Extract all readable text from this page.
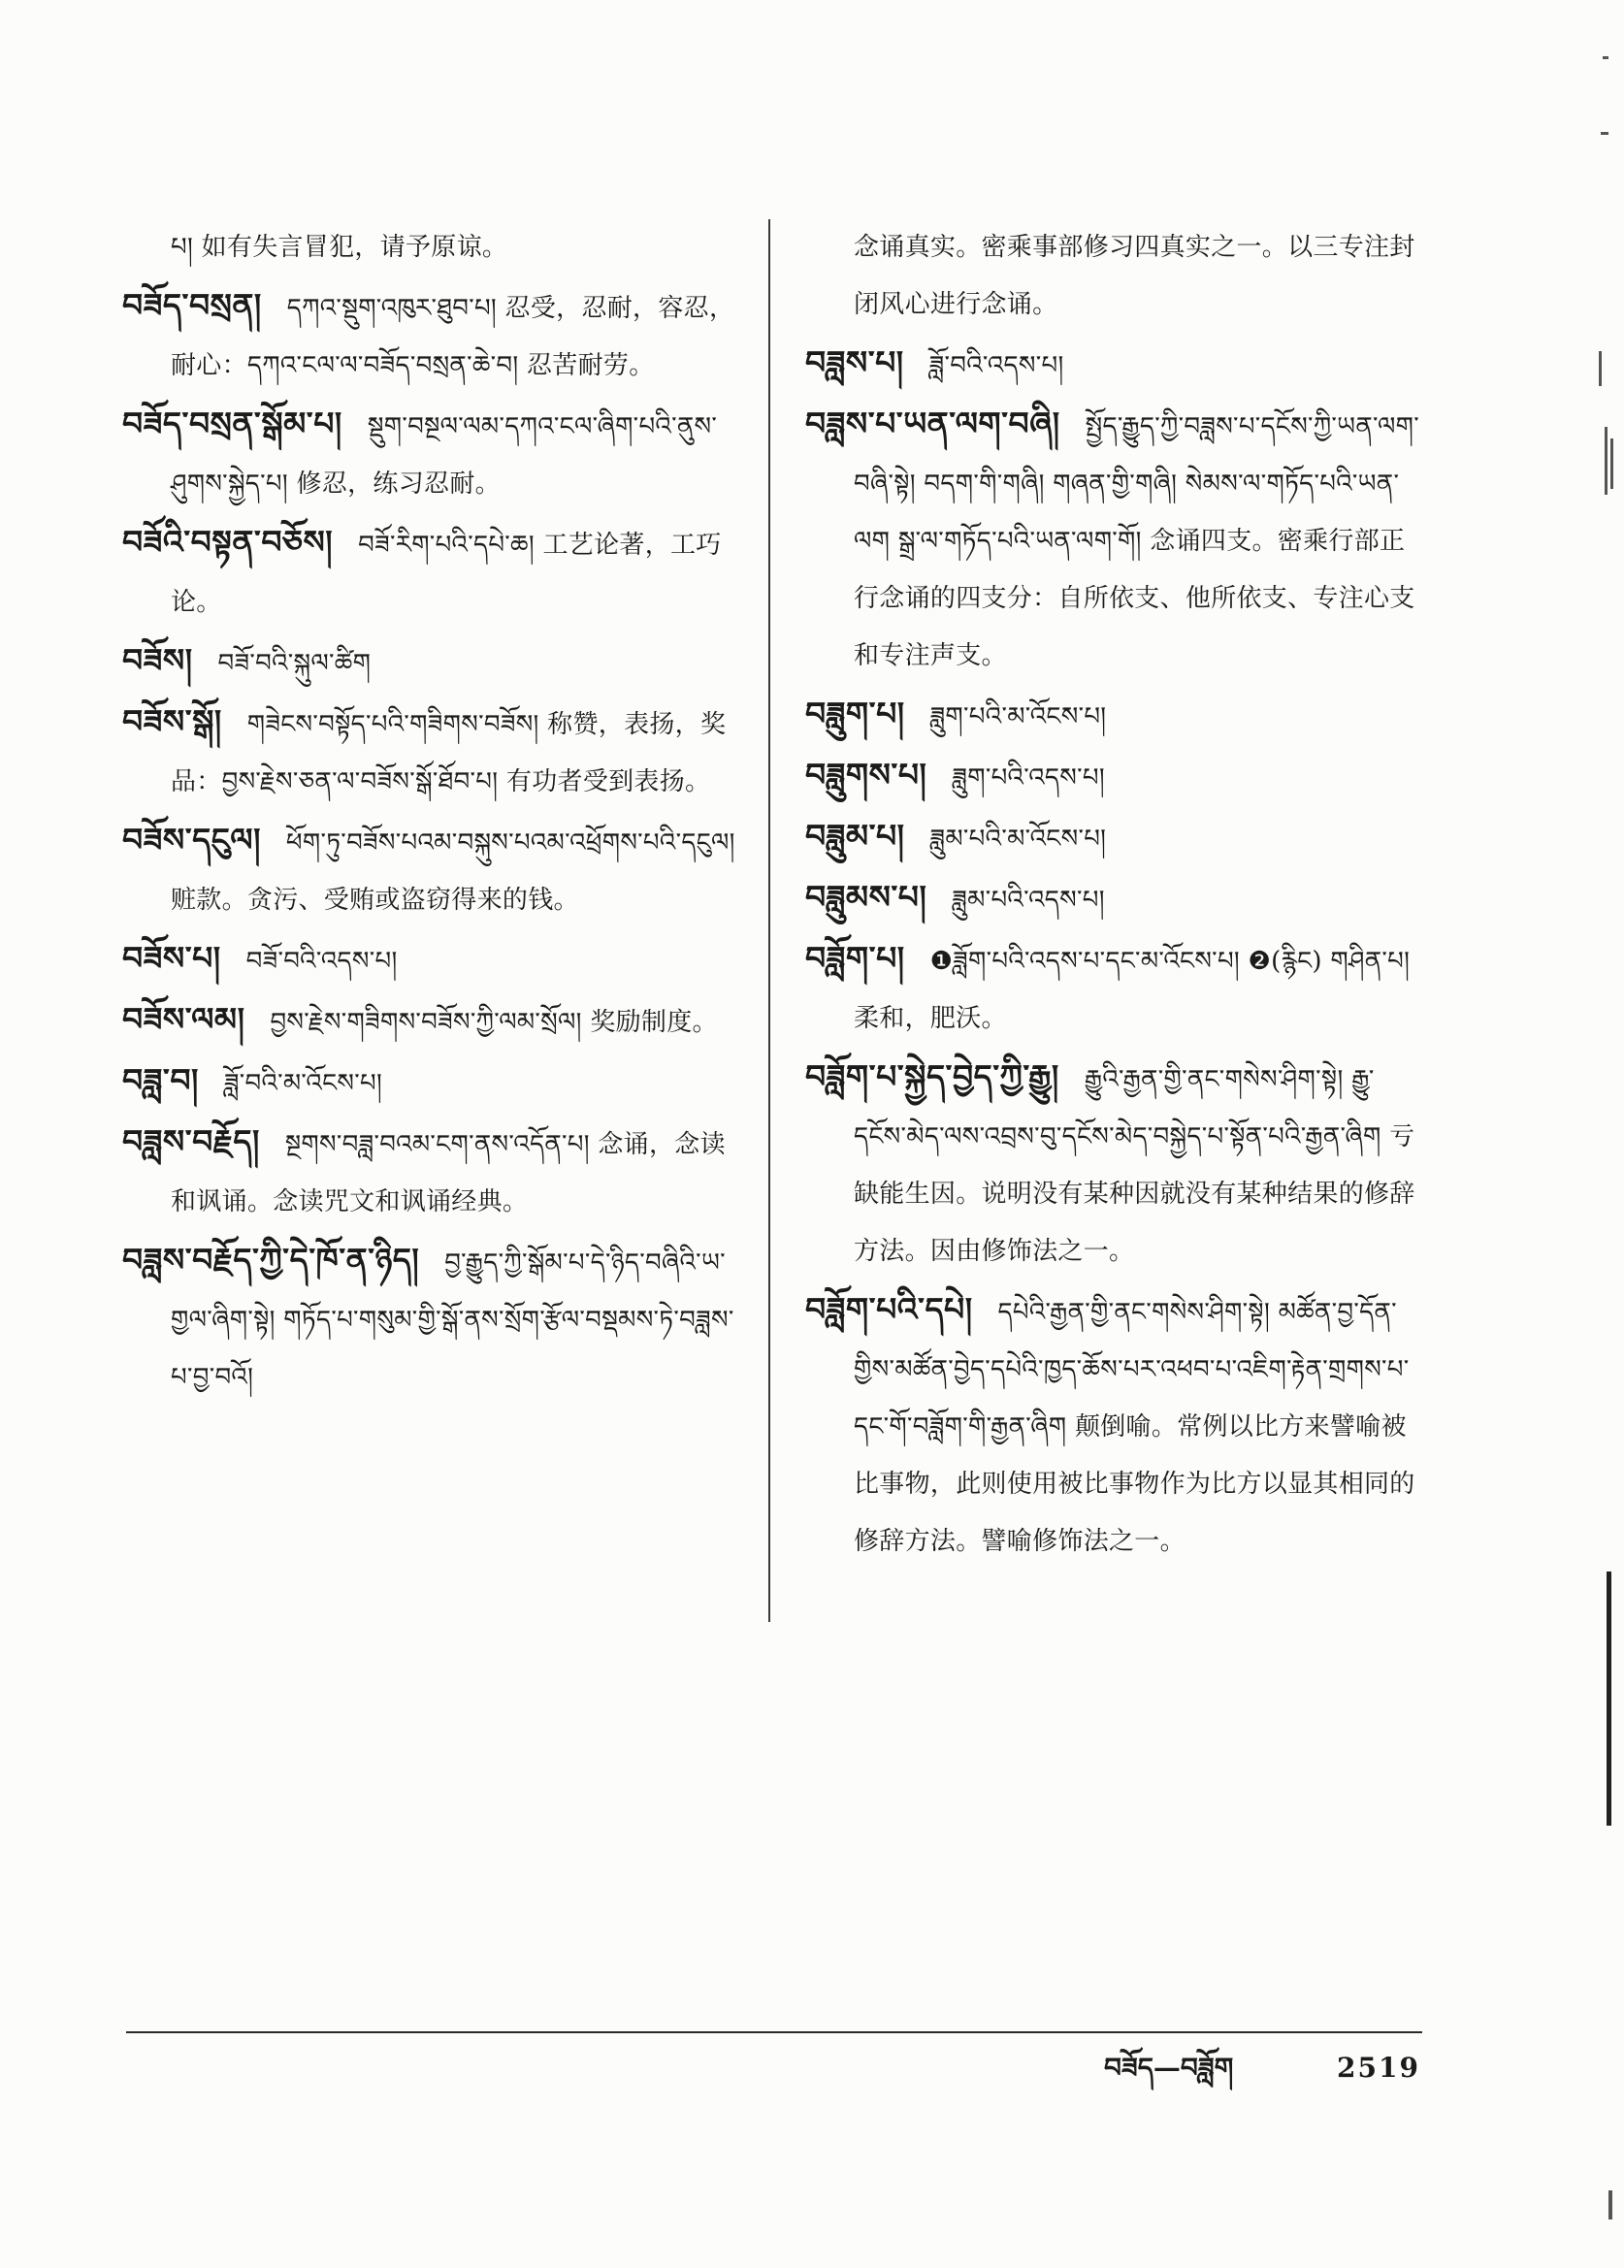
པ། 如有失言冒犯，请予原谅。

བཟོད་བསྲན། དཀའ་སྡུག་འཁུར་ཐུབ་པ། 忍受，忍耐，容忍，耐心：དཀའ་ངལ་ལ་བཟོད་བསྲན་ཆེ་བ། 忍苦耐劳。

བཟོད་བསྲན་སྒོམ་པ། སྡུག་བསྔལ་ལམ་དཀའ་ངལ་ཞིག་པའི་ནུས་ཤུགས་སྐྱེད་པ། 修忍，练习忍耐。

བཟོའི་བསྟན་བཅོས། བཟོ་རིག་པའི་དཔེ་ཆ། 工艺论著，工巧论。

བཟོས། བཟོ་བའི་སྐུལ་ཚིག

བཟོས་སྒོ། གཟེངས་བསྟོད་པའི་གཟིགས་བཟོས། 称赞，表扬，奖品：བྱས་རྗེས་ཅན་ལ་བཟོས་སྒོ་ཐོབ་པ། 有功者受到表扬。

བཟོས་དངུལ། ཕོག་ཏུ་བཟོས་པའམ་བསྐུས་པའམ་འཕྲོགས་པའི་དངུལ། 赃款。贪污、受贿或盗窃得来的钱。

བཟོས་པ། བཟོ་བའི་འདས་པ།

བཟོས་ལམ། བྱས་རྗེས་གཟིགས་བཟོས་ཀྱི་ལམ་སྲོལ། 奖励制度。

བཟླ་བ། ཟློ་བའི་མ་འོངས་པ།

བཟླས་བརྗོད། སྔགས་བཟླ་བའམ་ངག་ནས་འདོན་པ། 念诵，念读和讽诵。念读咒文和讽诵经典。

བཟླས་བརྗོད་ཀྱི་དེ་ཁོ་ན་ཉིད། བྱ་རྒྱུད་ཀྱི་སྒོམ་པ་དེ་ཉིད་བཞིའི་ཡ་གྱལ་ཞིག་སྟེ། གཏོད་པ་གསུམ་གྱི་སྒོ་ནས་སྲོག་རྩོལ་བསྡམས་ཏེ་བཟླས་པ་བྱ་བའོ།

念诵真实。密乘事部修习四真实之一。以三专注封闭风心进行念诵。

བཟླས་པ། ཟློ་བའི་འདས་པ།

བཟླས་པ་ཡན་ལག་བཞི། སྤྱོད་རྒྱུད་ཀྱི་བཟླས་པ་དངོས་ཀྱི་ཡན་ལག་བཞི་སྟེ། བདག་གི་གཞི། གཞན་གྱི་གཞི། སེམས་ལ་གཏོད་པའི་ཡན་ལག སྒྲ་ལ་གཏོད་པའི་ཡན་ལག་གོ། 念诵四支。密乘行部正行念诵的四支分：自所依支、他所依支、专注心支和专注声支。

བཟླུག་པ། ཟླུག་པའི་མ་འོངས་པ།

བཟླུགས་པ། ཟླུག་པའི་འདས་པ།

བཟླུམ་པ། ཟླུམ་པའི་མ་འོངས་པ།

བཟླུམས་པ། ཟླུམ་པའི་འདས་པ།

བཟློག་པ། ❶ཟློག་པའི་འདས་པ་དང་མ་འོངས་པ། ❷(རྙིང) གཤིན་པ། 柔和，肥沃。

བཟློག་པ་སྐྱེད་བྱེད་ཀྱི་རྒྱུ། རྒྱུའི་རྒྱན་གྱི་ནང་གསེས་ཤིག་སྟེ། རྒྱུ་དངོས་མེད་ལས་འབྲས་བུ་དངོས་མེད་བསྐྱེད་པ་སྟོན་པའི་རྒྱན་ཞིག 亏缺能生因。说明没有某种因就没有某种结果的修辞方法。因由修饰法之一。

བཟློག་པའི་དཔེ། དཔེའི་རྒྱན་གྱི་ནང་གསེས་ཤིག་སྟེ། མཚོན་བྱ་དོན་གྱིས་མཚོན་བྱེད་དཔེའི་ཁྱད་ཆོས་པར་འཕབ་པ་འཇིག་རྟེན་གྲགས་པ་དང་གོ་བཟློག་གི་རྒྱན་ཞིག 颠倒喻。常例以比方来譬喻被比事物，此则使用被比事物作为比方以显其相同的修辞方法。譬喻修饰法之一。

བཟོད—བཟློག	2519
